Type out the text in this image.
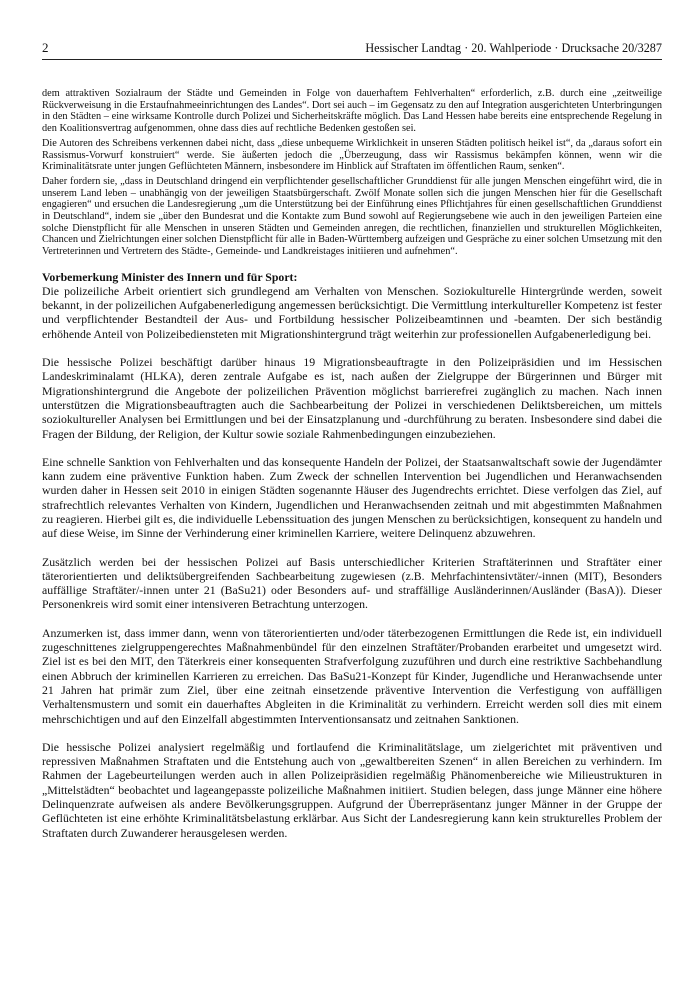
2	Hessischer Landtag · 20. Wahlperiode · Drucksache 20/3287

dem attraktiven Sozialraum der Städte und Gemeinden in Folge von dauerhaftem Fehlverhalten“ erforderlich, z.B. durch eine „zeitweilige Rückverweisung in die Erstaufnahmeeinrichtungen des Landes“. Dort sei auch – im Gegensatz zu den auf Integration ausgerichteten Unterbringungen in den Städten – eine wirksame Kontrolle durch Polizei und Sicherheitskräfte möglich. Das Land Hessen habe bereits eine entsprechende Regelung in den Koalitionsvertrag aufgenommen, ohne dass dies auf rechtliche Bedenken gestoßen sei.

Die Autoren des Schreibens verkennen dabei nicht, dass „diese unbequeme Wirklichkeit in unseren Städten politisch heikel ist“, da „daraus sofort ein Rassismus-Vorwurf konstruiert“ werde. Sie äußerten jedoch die „Überzeugung, dass wir Rassismus bekämpfen können, wenn wir die Kriminalitätsrate unter jungen Geflüchteten Männern, insbesondere im Hinblick auf Straftaten im öffentlichen Raum, senken“.

Daher fordern sie, „dass in Deutschland dringend ein verpflichtender gesellschaftlicher Grunddienst für alle jungen Menschen eingeführt wird, die in unserem Land leben – unabhängig von der jeweiligen Staatsbürgerschaft. Zwölf Monate sollen sich die jungen Menschen hier für die Gesellschaft engagieren“ und ersuchen die Landesregierung „um die Unterstützung bei der Einführung eines Pflichtjahres für einen gesellschaftlichen Grunddienst in Deutschland“, indem sie „über den Bundesrat und die Kontakte zum Bund sowohl auf Regierungsebene wie auch in den jeweiligen Parteien eine solche Dienstpflicht für alle Menschen in unseren Städten und Gemeinden anregen, die rechtlichen, finanziellen und strukturellen Möglichkeiten, Chancen und Zielrichtungen einer solchen Dienstpflicht für alle in Baden-Württemberg aufzeigen und Gespräche zu einer solchen Umsetzung mit den Vertreterinnen und Vertretern des Städte-, Gemeinde- und Landkreistages initiieren und aufnehmen“.

Vorbemerkung Minister des Innern und für Sport:

Die polizeiliche Arbeit orientiert sich grundlegend am Verhalten von Menschen. Soziokulturelle Hintergründe werden, soweit bekannt, in der polizeilichen Aufgabenerledigung angemessen berücksichtigt. Die Vermittlung interkultureller Kompetenz ist fester und verpflichtender Bestandteil der Aus- und Fortbildung hessischer Polizeibeamtinnen und -beamten. Der sich beständig erhöhende Anteil von Polizeibediensteten mit Migrationshintergrund trägt weiterhin zur professionellen Aufgabenerledigung bei.

Die hessische Polizei beschäftigt darüber hinaus 19 Migrationsbeauftragte in den Polizeipräsidien und im Hessischen Landeskriminalamt (HLKA), deren zentrale Aufgabe es ist, nach außen der Zielgruppe der Bürgerinnen und Bürger mit Migrationshintergrund die Angebote der polizeilichen Prävention möglichst barrierefrei zugänglich zu machen. Nach innen unterstützen die Migrationsbeauftragten auch die Sachbearbeitung der Polizei in verschiedenen Deliktsbereichen, um mittels soziokultureller Analysen bei Ermittlungen und bei der Einsatzplanung und -durchführung zu beraten. Insbesondere sind dabei die Fragen der Bildung, der Religion, der Kultur sowie soziale Rahmenbedingungen einzubeziehen.

Eine schnelle Sanktion von Fehlverhalten und das konsequente Handeln der Polizei, der Staatsanwaltschaft sowie der Jugendämter kann zudem eine präventive Funktion haben. Zum Zweck der schnellen Intervention bei Jugendlichen und Heranwachsenden wurden daher in Hessen seit 2010 in einigen Städten sogenannte Häuser des Jugendrechts errichtet. Diese verfolgen das Ziel, auf strafrechtlich relevantes Verhalten von Kindern, Jugendlichen und Heranwachsenden zeitnah und mit abgestimmten Maßnahmen zu reagieren. Hierbei gilt es, die individuelle Lebenssituation des jungen Menschen zu berücksichtigen, konsequent zu handeln und auf diese Weise, im Sinne der Verhinderung einer kriminellen Karriere, weitere Delinquenz abzuwehren.

Zusätzlich werden bei der hessischen Polizei auf Basis unterschiedlicher Kriterien Straftäterinnen und Straftäter einer täterorientierten und deliktsübergreifenden Sachbearbeitung zugewiesen (z.B. Mehrfachintensivtäter/-innen (MIT), Besonders auffällige Straftäter/-innen unter 21 (BaSu21) oder Besonders auf- und straffällige Ausländerinnen/Ausländer (BasA)). Dieser Personenkreis wird somit einer intensiveren Betrachtung unterzogen.

Anzumerken ist, dass immer dann, wenn von täterorientierten und/oder täterbezogenen Ermittlungen die Rede ist, ein individuell zugeschnittenes zielgruppengerechtes Maßnahmenbündel für den einzelnen Straftäter/Probanden erarbeitet und umgesetzt wird. Ziel ist es bei den MIT, den Täterkreis einer konsequenten Strafverfolgung zuzuführen und durch eine restriktive Sachbehandlung einen Abbruch der kriminellen Karrieren zu erreichen. Das BaSu21-Konzept für Kinder, Jugendliche und Heranwachsende unter 21 Jahren hat primär zum Ziel, über eine zeitnah einsetzende präventive Intervention die Verfestigung von auffälligen Verhaltensmustern und somit ein dauerhaftes Abgleiten in die Kriminalität zu verhindern. Erreicht werden soll dies mit einem mehrschichtigen und auf den Einzelfall abgestimmten Interventionsansatz und zeitnahen Sanktionen.

Die hessische Polizei analysiert regelmäßig und fortlaufend die Kriminalitätslage, um zielgerichtet mit präventiven und repressiven Maßnahmen Straftaten und die Entstehung auch von „gewaltbereiten Szenen“ in allen Bereichen zu verhindern. Im Rahmen der Lagebeurteilungen werden auch in allen Polizeipräsidien regelmäßig Phänomenbereiche wie Milieustrukturen in „Mittelstädten“ beobachtet und lageangepasste polizeiliche Maßnahmen initiiert. Studien belegen, dass junge Männer eine höhere Delinquenzrate aufweisen als andere Bevölkerungsgruppen. Aufgrund der Überrepräsentanz junger Männer in der Gruppe der Geflüchteten ist eine erhöhte Kriminalitätsbelastung erklärbar. Aus Sicht der Landesregierung kann kein strukturelles Problem der Straftaten durch Zuwanderer herausgelesen werden.
